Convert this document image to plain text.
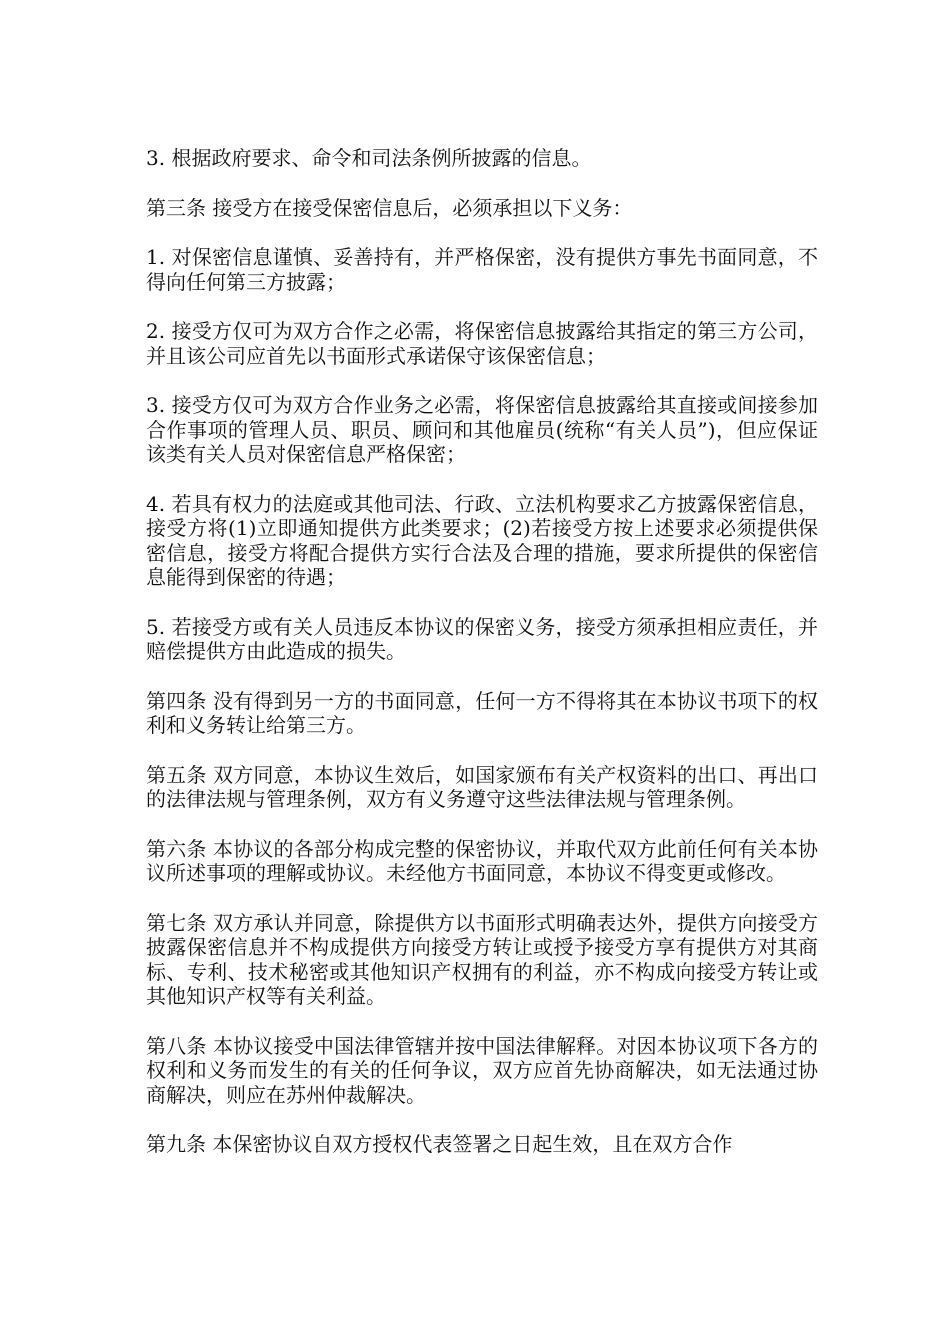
3. 根据政府要求、命令和司法条例所披露的信息。

第三条 接受方在接受保密信息后，必须承担以下义务：

1. 对保密信息谨慎、妥善持有，并严格保密，没有提供方事先书面同意，不得向任何第三方披露；

2. 接受方仅可为双方合作之必需，将保密信息披露给其指定的第三方公司，并且该公司应首先以书面形式承诺保守该保密信息；

3. 接受方仅可为双方合作业务之必需，将保密信息披露给其直接或间接参加合作事项的管理人员、职员、顾问和其他雇员(统称“有关人员”)，但应保证该类有关人员对保密信息严格保密；

4. 若具有权力的法庭或其他司法、行政、立法机构要求乙方披露保密信息，接受方将(1)立即通知提供方此类要求；(2)若接受方按上述要求必须提供保密信息，接受方将配合提供方实行合法及合理的措施，要求所提供的保密信息能得到保密的待遇；

5. 若接受方或有关人员违反本协议的保密义务，接受方须承担相应责任，并赔偿提供方由此造成的损失。

第四条 没有得到另一方的书面同意，任何一方不得将其在本协议书项下的权利和义务转让给第三方。

第五条 双方同意，本协议生效后，如国家颁布有关产权资料的出口、再出口的法律法规与管理条例，双方有义务遵守这些法律法规与管理条例。

第六条 本协议的各部分构成完整的保密协议，并取代双方此前任何有关本协议所述事项的理解或协议。未经他方书面同意，本协议不得变更或修改。

第七条 双方承认并同意，除提供方以书面形式明确表达外，提供方向接受方披露保密信息并不构成提供方向接受方转让或授予接受方享有提供方对其商标、专利、技术秘密或其他知识产权拥有的利益，亦不构成向接受方转让或其他知识产权等有关利益。

第八条 本协议接受中国法律管辖并按中国法律解释。对因本协议项下各方的权利和义务而发生的有关的任何争议，双方应首先协商解决，如无法通过协商解决，则应在苏州仲裁解决。

第九条 本保密协议自双方授权代表签署之日起生效，且在双方合作
